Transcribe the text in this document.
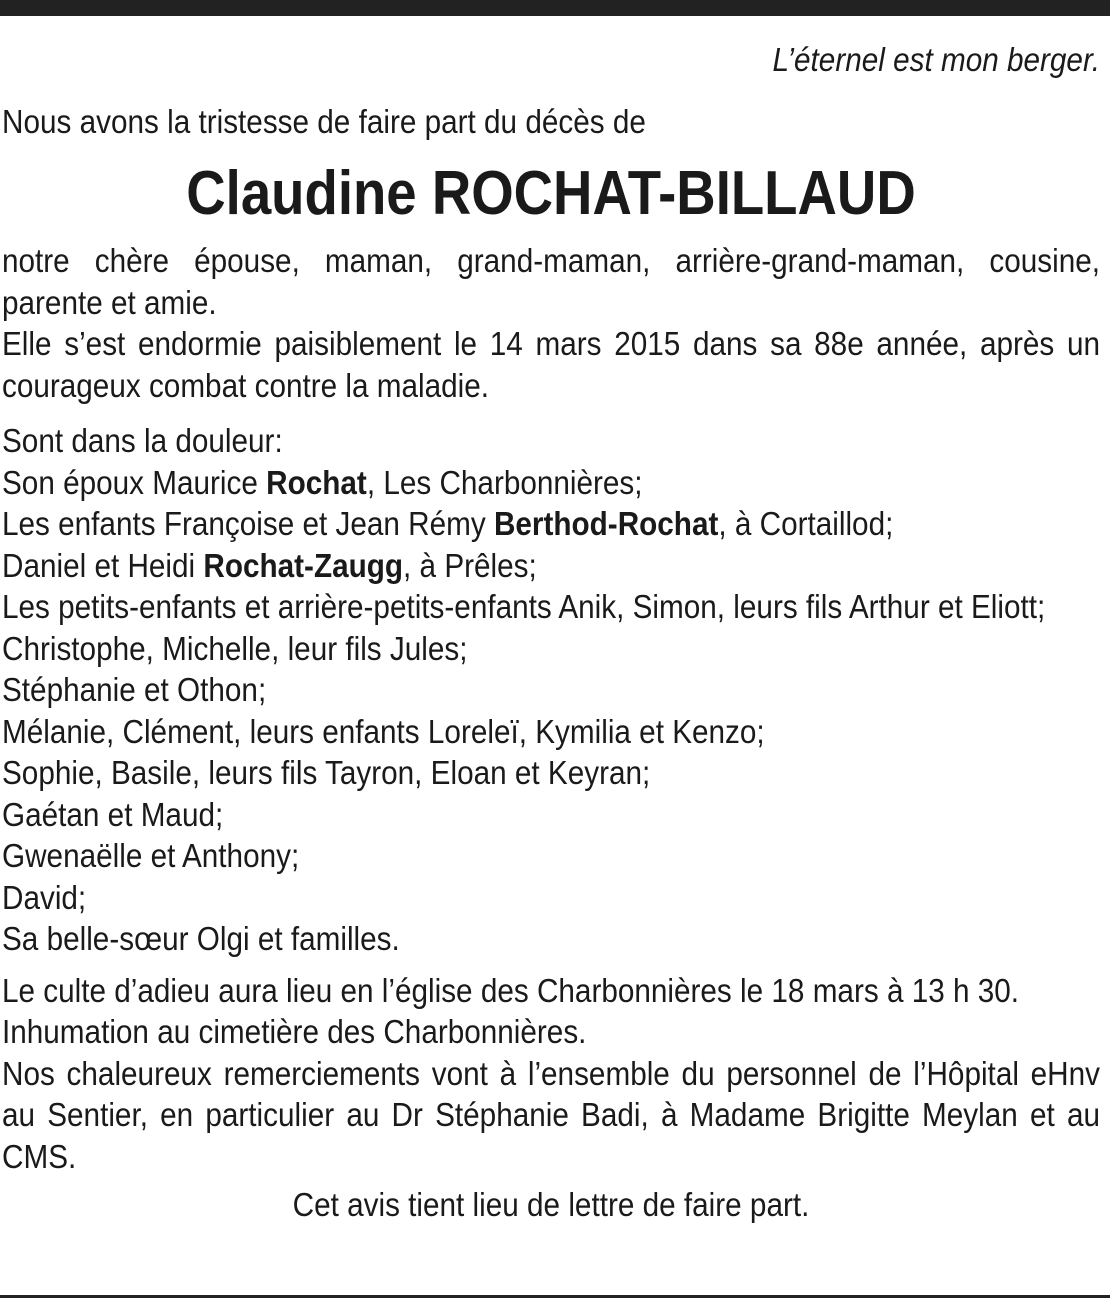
L’éternel est mon berger.

Nous avons la tristesse de faire part du décès de

Claudine ROCHAT-BILLAUD

notre chère épouse, maman, grand-maman, arrière-grand-maman, cousine, parente et amie.

Elle s’est endormie paisiblement le 14 mars 2015 dans sa 88e année, après un courageux combat contre la maladie.

Sont dans la douleur:

Son époux Maurice Rochat, Les Charbonnières;

Les enfants Françoise et Jean Rémy Berthod-Rochat, à Cortaillod;

Daniel et Heidi Rochat-Zaugg, à Prêles;

Les petits-enfants et arrière-petits-enfants Anik, Simon, leurs fils Arthur et Eliott;

Christophe, Michelle, leur fils Jules;

Stéphanie et Othon;

Mélanie, Clément, leurs enfants Loreleï, Kymilia et Kenzo;

Sophie, Basile, leurs fils Tayron, Eloan et Keyran;

Gaétan et Maud;

Gwenaëlle et Anthony;

David;

Sa belle-sœur Olgi et familles.

Le culte d’adieu aura lieu en l’église des Charbonnières le 18 mars à 13 h 30.

Inhumation au cimetière des Charbonnières.

Nos chaleureux remerciements vont à l’ensemble du personnel de l’Hôpital eHnv au Sentier, en particulier au Dr Stéphanie Badi, à Madame Brigitte Meylan et au CMS.

Cet avis tient lieu de lettre de faire part.
